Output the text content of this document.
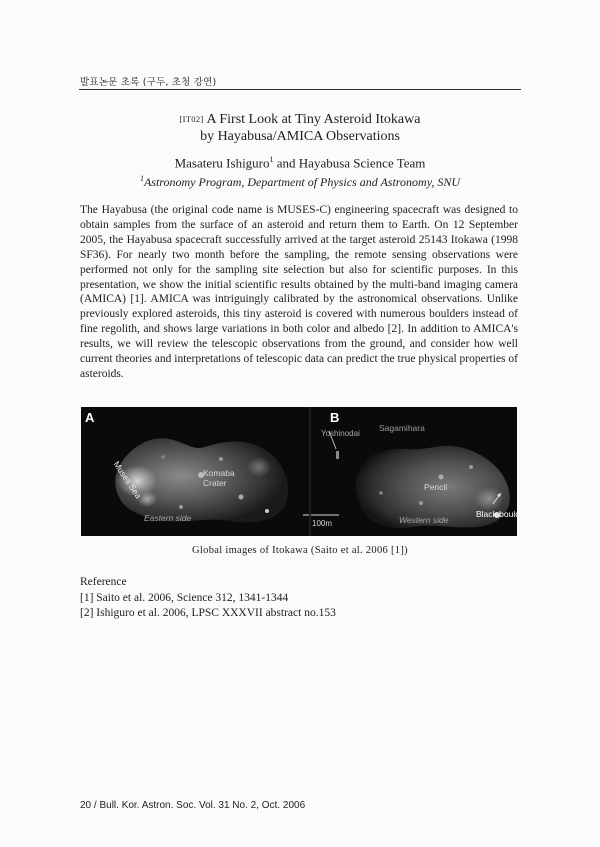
발표논문 초록 (구두, 초청 강연)
[IT02] A First Look at Tiny Asteroid Itokawa
by Hayabusa/AMICA Observations
Masateru Ishiguro$^1$ and Hayabusa Science Team
$^1$Astronomy Program, Department of Physics and Astronomy, SNU

The Hayabusa (the original code name is MUSES-C) engineering spacecraft was designed to obtain samples from the surface of an asteroid and return them to Earth. On 12 September 2005, the Hayabusa spacecraft successfully arrived at the target asteroid 25143 Itokawa (1998 SF36). For nearly two month before the sampling, the remote sensing observations were performed not only for the sampling site selection but also for scientific purposes. In this presentation, we show the initial scientific results obtained by the multi-band imaging camera (AMICA) [1]. AMICA was intriguingly calibrated by the astronomical observations. Unlike previously explored asteroids, this tiny asteroid is covered with numerous boulders instead of fine regolith, and shows large variations in both color and albedo [2]. In addition to AMICA's results, we will review the telescopic observations from the ground, and consider how well current theories and interpretations of telescopic data can predict the true physical properties of asteroids.

A
Muses Sea	Komaba
Crater
Eastern side
100m
B
Yoshinodai
Sagamihara
Pencil
Western side
Black boulde
Global images of Itokawa (Saito et al. 2006 [1])
Reference
[1] Saito et al. 2006, Science 312, 1341-1344
[2] Ishiguro et al. 2006, LPSC XXXVII abstract no.153
20 / Bull. Kor. Astron. Soc. Vol. 31 No. 2, Oct. 2006
